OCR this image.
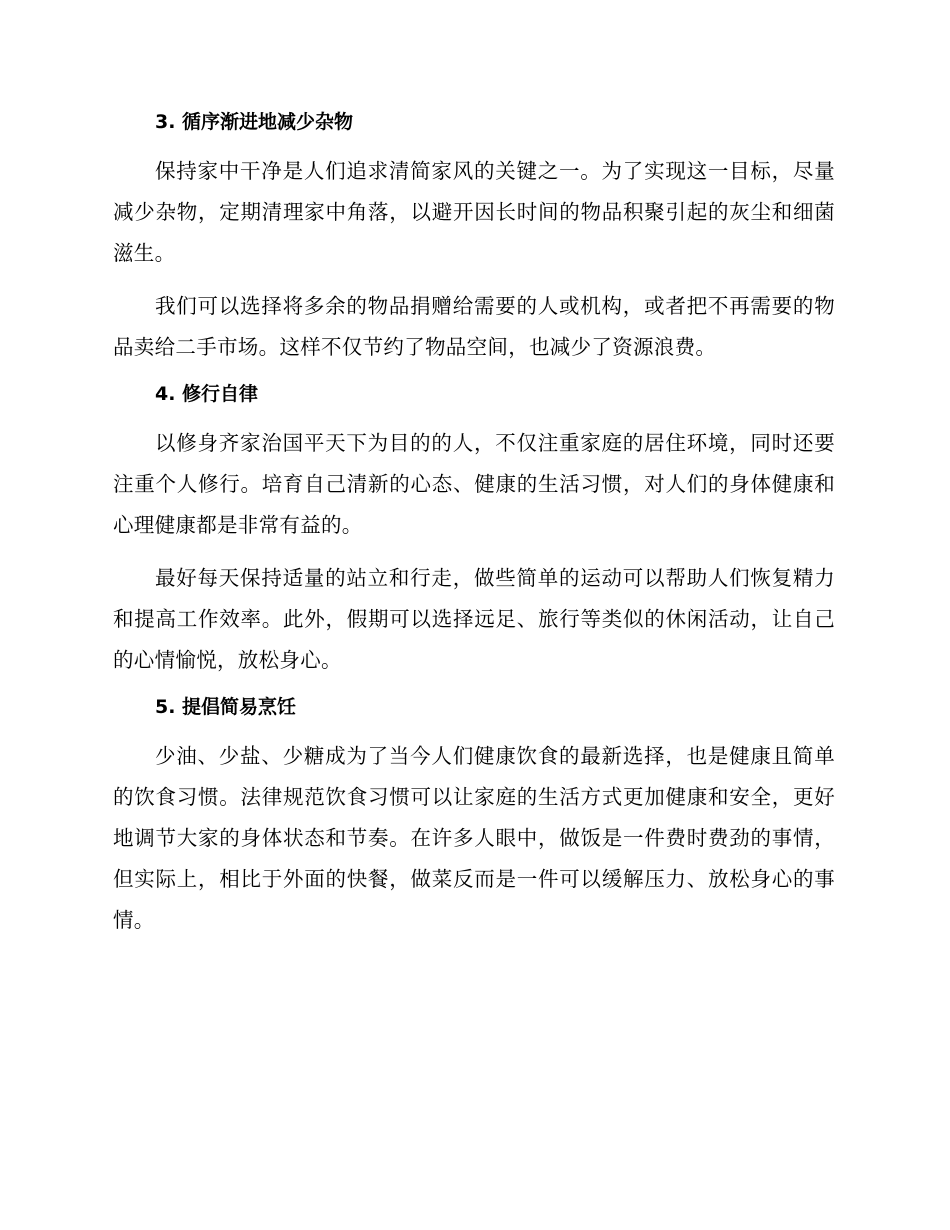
3. 循序渐进地减少杂物

保持家中干净是人们追求清简家风的关键之一。为了实现这一目标，尽量减少杂物，定期清理家中角落，以避开因长时间的物品积聚引起的灰尘和细菌滋生。

我们可以选择将多余的物品捐赠给需要的人或机构，或者把不再需要的物品卖给二手市场。这样不仅节约了物品空间，也减少了资源浪费。

4. 修行自律

以修身齐家治国平天下为目的的人，不仅注重家庭的居住环境，同时还要注重个人修行。培育自己清新的心态、健康的生活习惯，对人们的身体健康和心理健康都是非常有益的。

最好每天保持适量的站立和行走，做些简单的运动可以帮助人们恢复精力和提高工作效率。此外，假期可以选择远足、旅行等类似的休闲活动，让自己的心情愉悦，放松身心。

5. 提倡简易烹饪

少油、少盐、少糖成为了当今人们健康饮食的最新选择，也是健康且简单的饮食习惯。法律规范饮食习惯可以让家庭的生活方式更加健康和安全，更好地调节大家的身体状态和节奏。在许多人眼中，做饭是一件费时费劲的事情，但实际上，相比于外面的快餐，做菜反而是一件可以缓解压力、放松身心的事情。
